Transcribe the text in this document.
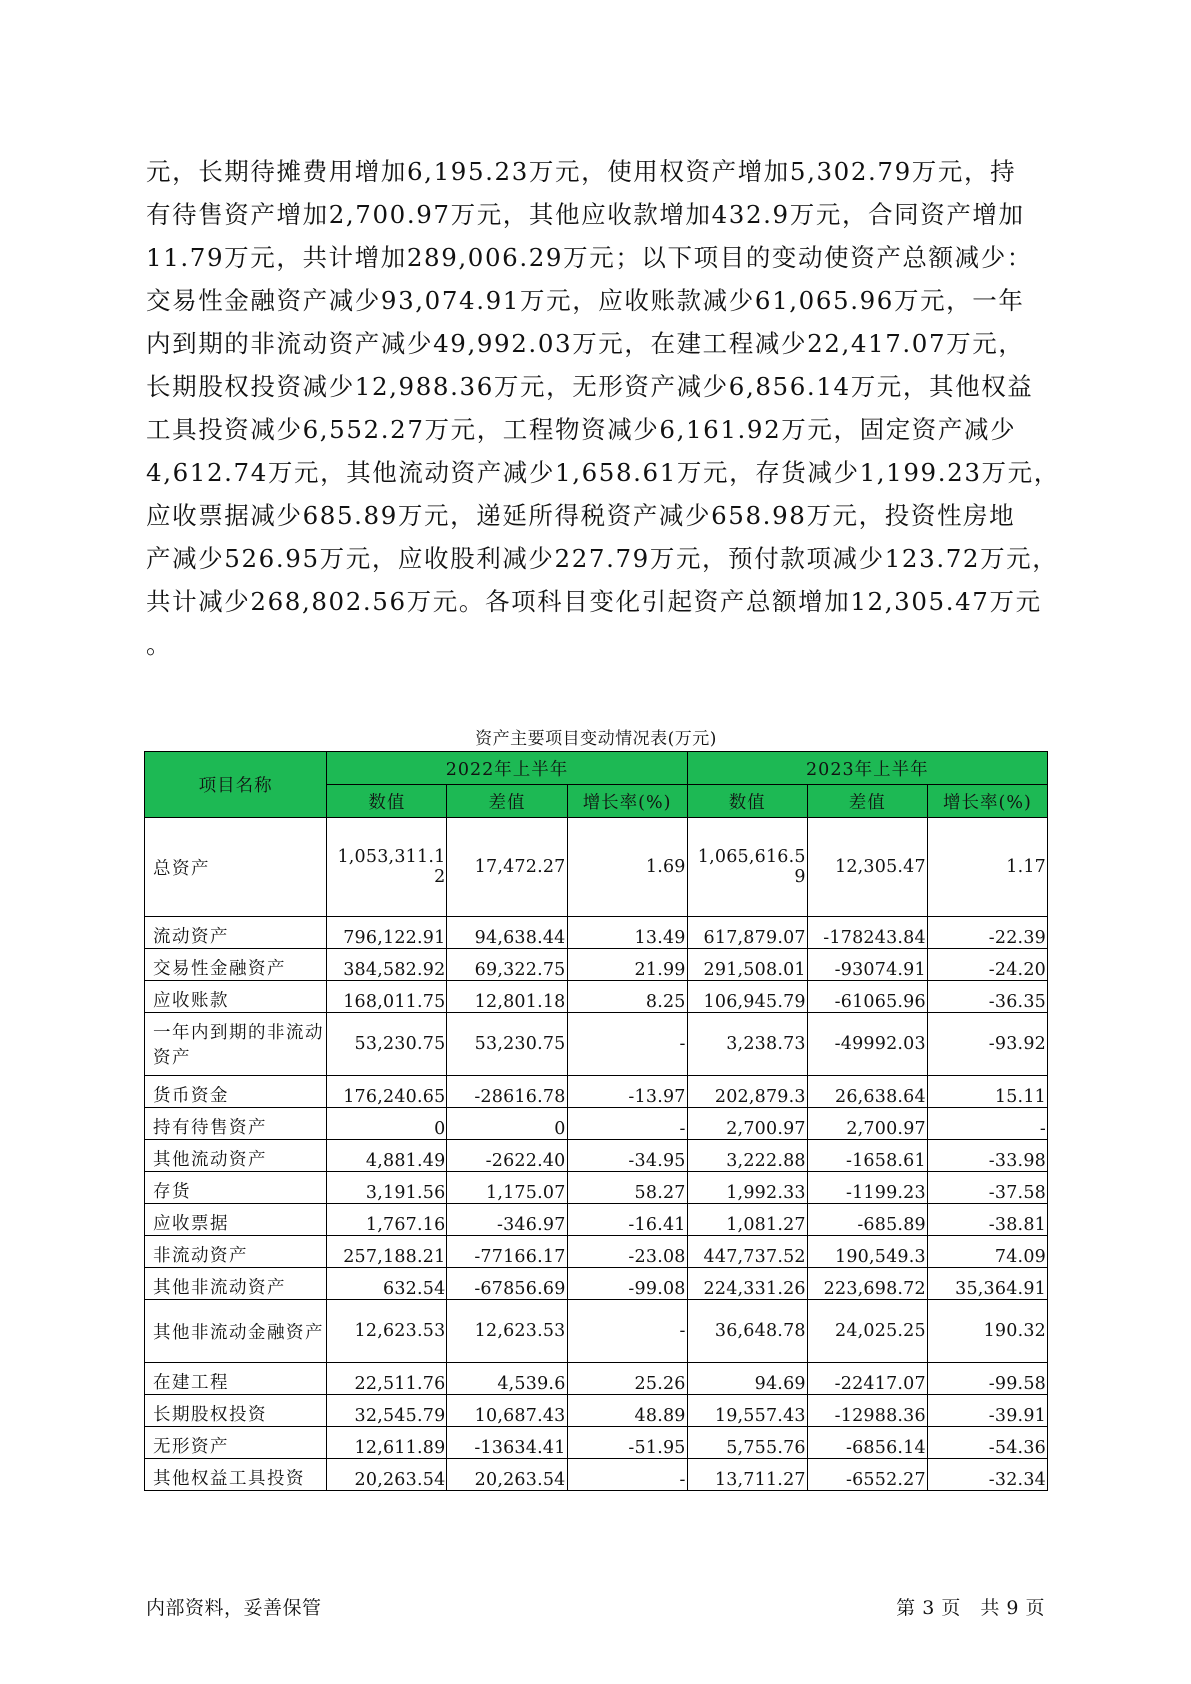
元，长期待摊费用增加6,195.23万元，使用权资产增加5,302.79万元，持
有待售资产增加2,700.97万元，其他应收款增加432.9万元，合同资产增加
11.79万元，共计增加289,006.29万元；以下项目的变动使资产总额减少：
交易性金融资产减少93,074.91万元，应收账款减少61,065.96万元，一年
内到期的非流动资产减少49,992.03万元，在建工程减少22,417.07万元，
长期股权投资减少12,988.36万元，无形资产减少6,856.14万元，其他权益
工具投资减少6,552.27万元，工程物资减少6,161.92万元，固定资产减少
4,612.74万元，其他流动资产减少1,658.61万元，存货减少1,199.23万元，
应收票据减少685.89万元，递延所得税资产减少658.98万元，投资性房地
产减少526.95万元，应收股利减少227.79万元，预付款项减少123.72万元，
共计减少268,802.56万元。各项科目变化引起资产总额增加12,305.47万元
。
资产主要项目变动情况表(万元)
项目名称	2022年上半年			2023年上半年		
	数值	差值	增长率(%)	数值	差值	增长率(%)
总资产	1,053,311.12	17,472.27	1.69	1,065,616.59	12,305.47	1.17
流动资产	796,122.91	94,638.44	13.49	617,879.07	-178243.84	-22.39
交易性金融资产	384,582.92	69,322.75	21.99	291,508.01	-93074.91	-24.20
应收账款	168,011.75	12,801.18	8.25	106,945.79	-61065.96	-36.35
一年内到期的非流动资产	53,230.75	53,230.75	-	3,238.73	-49992.03	-93.92
货币资金	176,240.65	-28616.78	-13.97	202,879.3	26,638.64	15.11
持有待售资产	0	0	-	2,700.97	2,700.97	-
其他流动资产	4,881.49	-2622.40	-34.95	3,222.88	-1658.61	-33.98
存货	3,191.56	1,175.07	58.27	1,992.33	-1199.23	-37.58
应收票据	1,767.16	-346.97	-16.41	1,081.27	-685.89	-38.81
非流动资产	257,188.21	-77166.17	-23.08	447,737.52	190,549.3	74.09
其他非流动资产	632.54	-67856.69	-99.08	224,331.26	223,698.72	35,364.91
其他非流动金融资产	12,623.53	12,623.53	-	36,648.78	24,025.25	190.32
在建工程	22,511.76	4,539.6	25.26	94.69	-22417.07	-99.58
长期股权投资	32,545.79	10,687.43	48.89	19,557.43	-12988.36	-39.91
无形资产	12,611.89	-13634.41	-51.95	5,755.76	-6856.14	-54.36
其他权益工具投资	20,263.54	20,263.54	-	13,711.27	-6552.27	-32.34
内部资料，妥善保管	第 3 页　共 9 页
